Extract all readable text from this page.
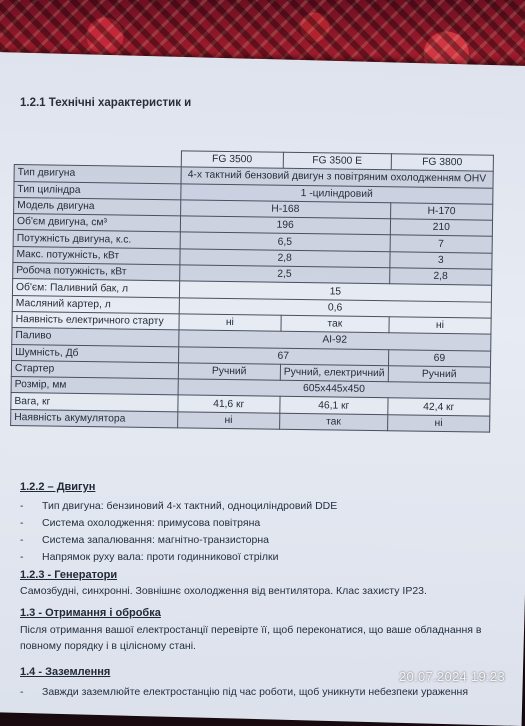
1.2.1 Технічні характеристик и
	FG 3500	FG 3500 E	FG 3800
Тип двигуна	4-х тактний бензовий двигун з повітряним охолодженням OHV		
Тип циліндра	1 -циліндровий		
Модель двигуна	Н-168		Н-170
Об'єм двигуна, см³	196		210
Потужність двигуна, к.с.	6,5		7
Макс. потужність, кВт	2,8		3
Робоча потужність, кВт	2,5		2,8
Об'єм: Паливний бак, л	15		
Масляний картер, л	0,6		
Наявність електричного старту	ні	так	ні
Паливо	АІ-92		
Шумність, Дб	67		69
Стартер	Ручний	Ручний, електричний	Ручний
Розмір, мм	605х445х450		
Вага, кг	41,6 кг	46,1 кг	42,4 кг
Наявність акумулятора	ні	так	ні
1.2.2 – Двигун
- Тип двигуна: бензиновий 4-х тактний, одноциліндровий DDE
- Система охолодження: примусова повітряна
- Система запалювання: магнітно-транзисторна
- Напрямок руху вала: проти годинникової стрілки
1.2.3 - Генератори
Самозбудні, синхронні. Зовнішнє охолодження від вентилятора. Клас захисту IP23.
1.3 - Отримання і обробка
Після отримання вашої електростанції перевірте її, щоб переконатися, що ваше обладнання в
повному порядку і в цілісному стані.
1.4 - Заземлення
- Завжди заземлюйте електростанцію під час роботи, щоб уникнути небезпеки ураження
20.07.2024 19:23
